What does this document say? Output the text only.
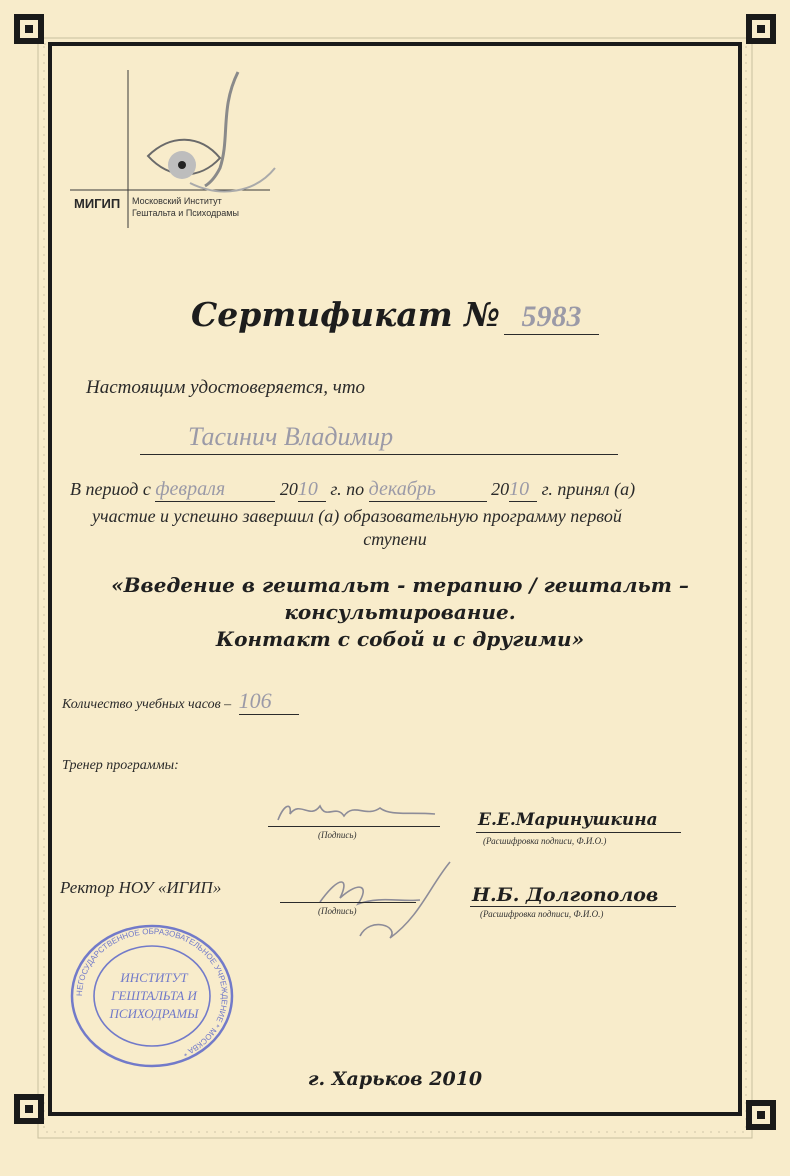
МИГИП Московский Институт
Гештальта и Психодрамы
Сертификат № 5983
Настоящим удостоверяется, что
Тасинич Владимир
В период с февраля	2010 г. по декабрь	2010 г. принял (а)
участие и успешно завершил (а) образовательную программу первой
ступени
«Введение в гештальт - терапию / гештальт –
консультирование.
Контакт с собой и с другими»
Количество учебных часов – 106
Тренер программы:
(Подпись)
Е.Е.Маринушкина
(Расшифровка подписи, Ф.И.О.)
Ректор НОУ «ИГИП»
(Подпись)
Н.Б. Долгополов
(Расшифровка подписи, Ф.И.О.)
НЕГОСУДАРСТВЕННОЕ ОБРАЗОВАТЕЛЬНОЕ УЧРЕЖДЕНИЕ * МОСКВА *
ИНСТИТУТ
ГЕШТАЛЬТА И
ПСИХОДРАМЫ
г. Харьков 2010
